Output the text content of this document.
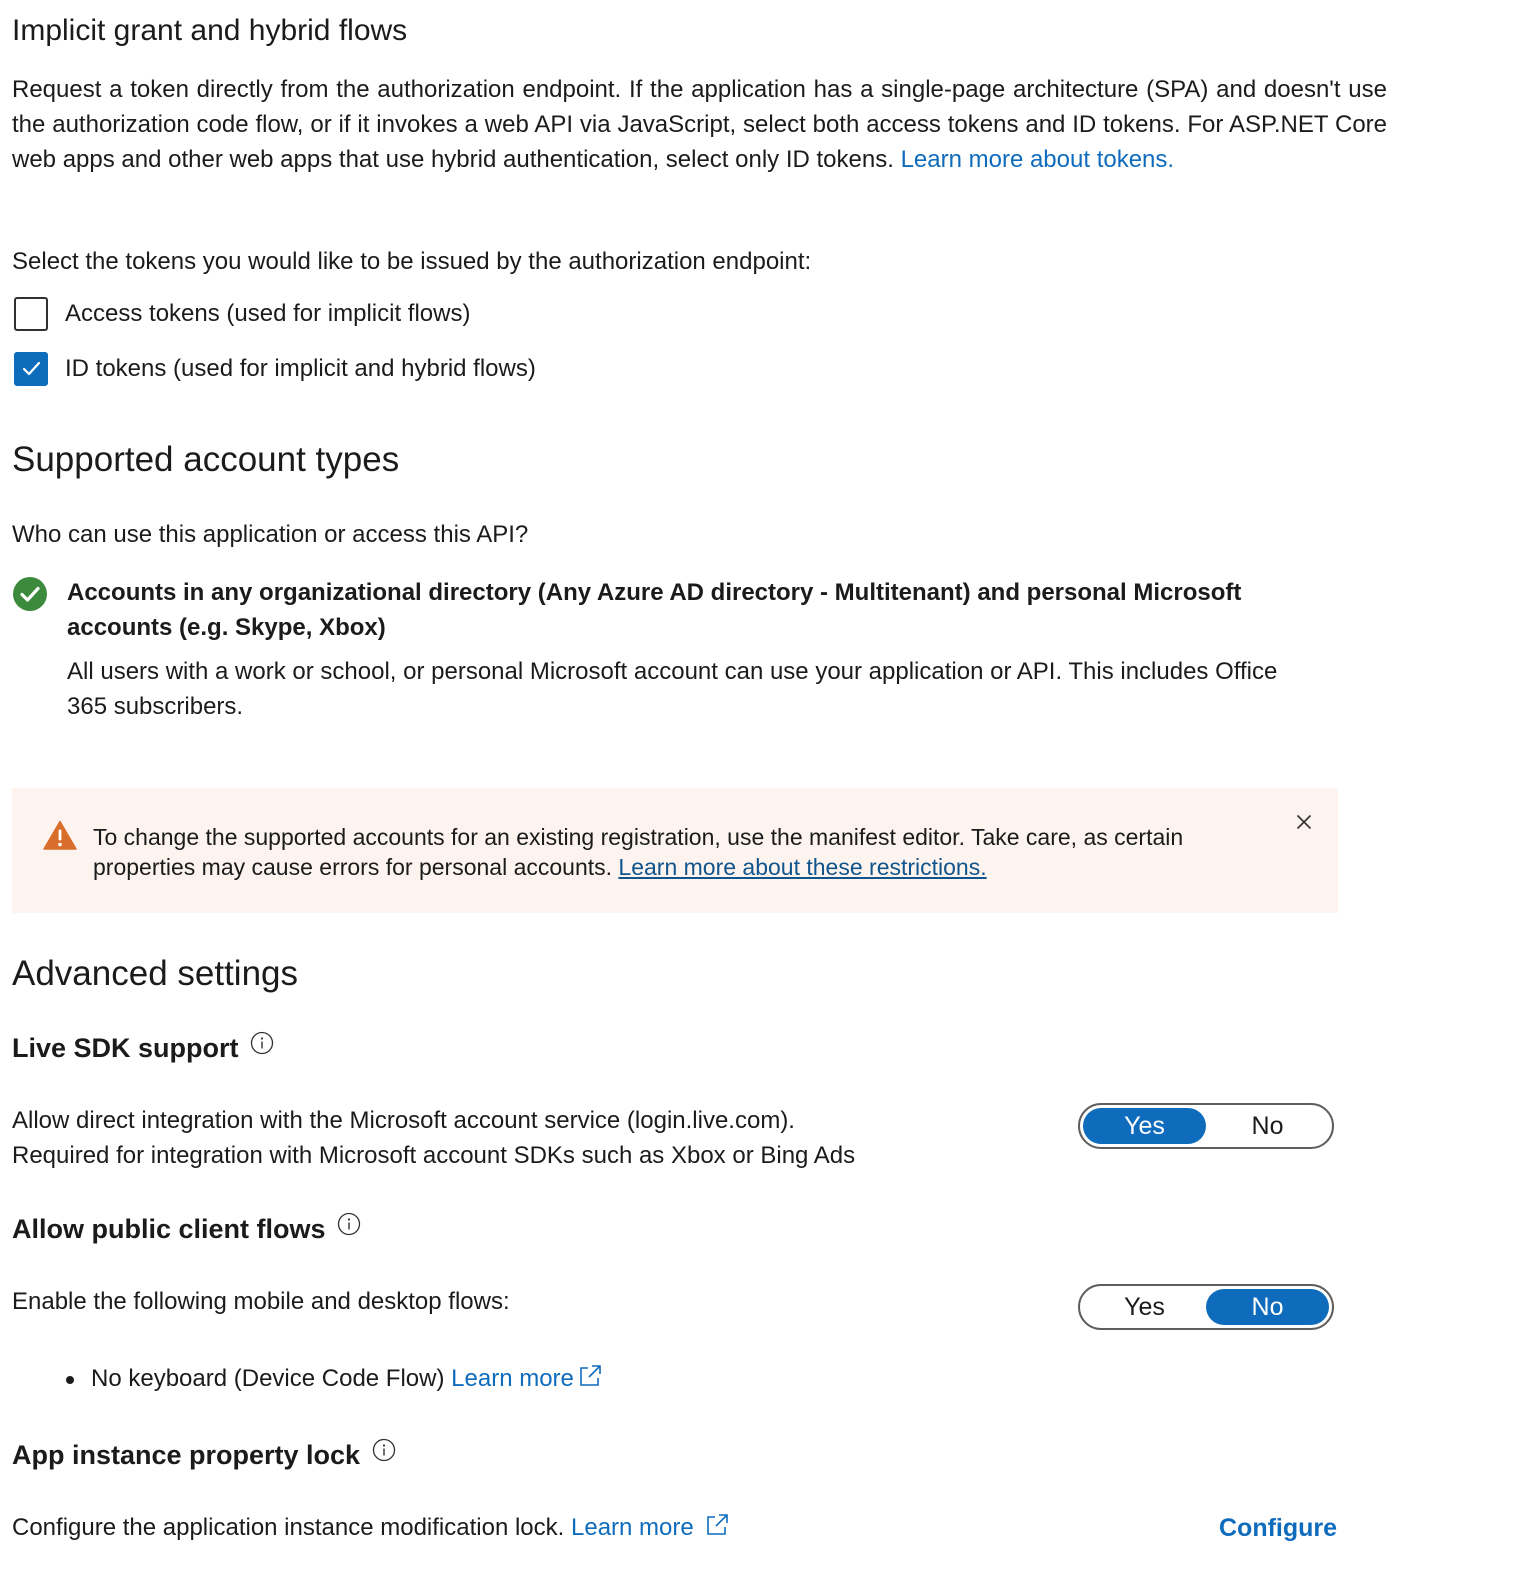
Implicit grant and hybrid flows
Request a token directly from the authorization endpoint. If the application has a single-page architecture (SPA) and doesn't use the authorization code flow, or if it invokes a web API via JavaScript, select both access tokens and ID tokens. For ASP.NET Core web apps and other web apps that use hybrid authentication, select only ID tokens. Learn more about tokens.
Select the tokens you would like to be issued by the authorization endpoint:
Access tokens (used for implicit flows)
ID tokens (used for implicit and hybrid flows)
Supported account types
Who can use this application or access this API?
Accounts in any organizational directory (Any Azure AD directory - Multitenant) and personal Microsoft accounts (e.g. Skype, Xbox)
All users with a work or school, or personal Microsoft account can use your application or API. This includes Office 365 subscribers.
To change the supported accounts for an existing registration, use the manifest editor. Take care, as certain properties may cause errors for personal accounts. Learn more about these restrictions.
Advanced settings
Live SDK support
Allow direct integration with the Microsoft account service (login.live.com).
Required for integration with Microsoft account SDKs such as Xbox or Bing Ads
Yes	No
Allow public client flows
Enable the following mobile and desktop flows:	Yes	No
No keyboard (Device Code Flow) Learn more
App instance property lock
Configure the application instance modification lock. Learn more	Configure
